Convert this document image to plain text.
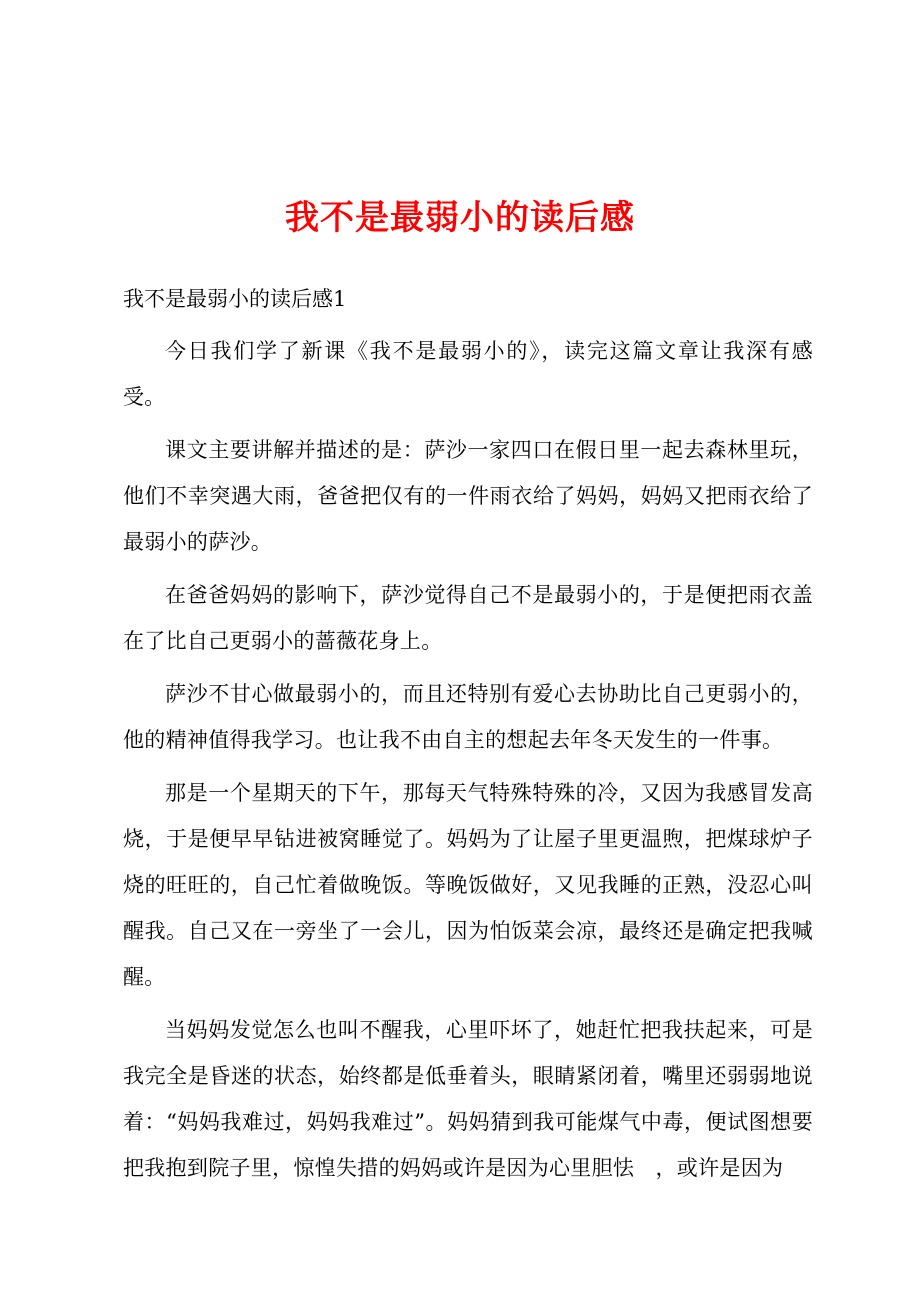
我不是最弱小的读后感

我不是最弱小的读后感1

今日我们学了新课《我不是最弱小的》，读完这篇文章让我深有感受。

课文主要讲解并描述的是：萨沙一家四口在假日里一起去森林里玩，他们不幸突遇大雨，爸爸把仅有的一件雨衣给了妈妈，妈妈又把雨衣给了最弱小的萨沙。

在爸爸妈妈的影响下，萨沙觉得自己不是最弱小的，于是便把雨衣盖在了比自己更弱小的蔷薇花身上。

萨沙不甘心做最弱小的，而且还特别有爱心去协助比自己更弱小的，他的精神值得我学习。也让我不由自主的想起去年冬天发生的一件事。

那是一个星期天的下午，那每天气特殊特殊的冷，又因为我感冒发高烧，于是便早早钻进被窝睡觉了。妈妈为了让屋子里更温煦，把煤球炉子烧的旺旺的，自己忙着做晚饭。等晚饭做好，又见我睡的正熟，没忍心叫醒我。自己又在一旁坐了一会儿，因为怕饭菜会凉，最终还是确定把我喊醒。

当妈妈发觉怎么也叫不醒我，心里吓坏了，她赶忙把我扶起来，可是我完全是昏迷的状态，始终都是低垂着头，眼睛紧闭着，嘴里还弱弱地说着：“妈妈我难过，妈妈我难过”。妈妈猜到我可能煤气中毒，便试图想要把我抱到院子里，惊惶失措的妈妈或许是因为心里胆怯　，或许是因为
